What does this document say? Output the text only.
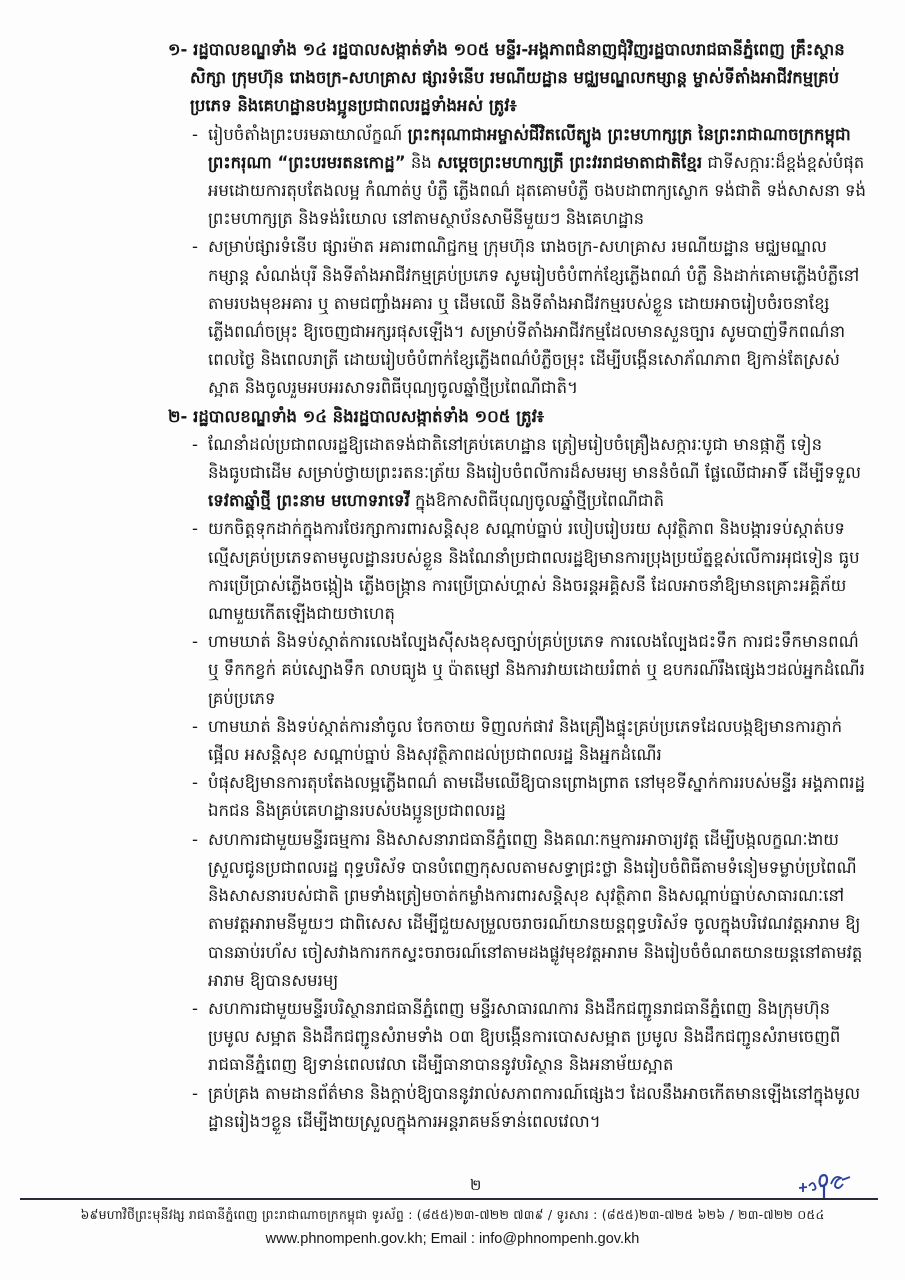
១- រដ្ឋបាលខណ្ឌទាំង ១៤ រដ្ឋបាលសង្កាត់ទាំង ១០៥ មន្ទីរ-អង្គភាពជំនាញជុំវិញរដ្ឋបាលរាជធានីភ្នំពេញ គ្រឹះស្ថានសិក្សា ក្រុមហ៊ុន រោងចក្រ-សហគ្រាស ផ្សារទំនើប រមណីយដ្ឋាន មជ្ឈមណ្ឌលកម្សាន្ត ម្ចាស់ទីតាំងអាជីវកម្មគ្រប់ប្រភេទ និងគេហដ្ឋានបងប្អូនប្រជាពលរដ្ឋទាំងអស់ ត្រូវ៖

- រៀបចំតាំងព្រះបរមឆាយាល័ក្ខណ៍ ព្រះករុណាជាអម្ចាស់ជីវិតលើត្បូង ព្រះមហាក្សត្រ នៃព្រះរាជាណាចក្រកម្ពុជា ព្រះករុណា “ព្រះបរមរតនកោដ្ឋ” និង សម្តេចព្រះមហាក្សត្រី ព្រះវររាជមាតាជាតិខ្មែរ ជាទីសក្ការៈដ៏ខ្ពង់ខ្ពស់បំផុត អមដោយការតុបតែងលម្អ កំណាត់ប្ញ បំភ្លឺ ភ្លើងពណ៌ ដុតគោមបំភ្លឺ ចងបដាពាក្យស្លោក ទង់ជាតិ ទង់សាសនា ទង់ព្រះមហាក្សត្រ និងទង់រំយោល នៅតាមស្ថាប័នសាមីនីមួយៗ និងគេហដ្ឋាន

- សម្រាប់ផ្សារទំនើប ផ្សារម៉ាត អគារពាណិជ្ជកម្ម ក្រុមហ៊ុន រោងចក្រ-សហគ្រាស រមណីយដ្ឋាន មជ្ឈមណ្ឌលកម្សាន្ត សំណង់បុរី និងទីតាំងអាជីវកម្មគ្រប់ប្រភេទ សូមរៀបចំបំពាក់ខ្សែភ្លើងពណ៌ បំភ្លឺ និងដាក់គោមភ្លើងបំភ្លឺនៅតាមរបងមុខអគារ ឬ តាមជញ្ជាំងអគារ ឬ ដើមឈើ និងទីតាំងអាជីវកម្មរបស់ខ្លួន ដោយអាចរៀបចំរចនាខ្សែភ្លើងពណ៌ចម្រុះ ឱ្យចេញជាអក្សរផុសឡើង។ សម្រាប់ទីតាំងអាជីវកម្មដែលមានសួនច្បារ សូមបាញ់ទឹកពណ៌នាពេលថ្ងៃ និងពេលរាត្រី ដោយរៀបចំបំពាក់ខ្សែភ្លើងពណ៌បំភ្លឺចម្រុះ ដើម្បីបង្កើនសោភ័ណភាព ឱ្យកាន់តែស្រស់ស្អាត និងចូលរួមអបអរសាទរពិធីបុណ្យចូលឆ្នាំថ្មីប្រពៃណីជាតិ។

២- រដ្ឋបាលខណ្ឌទាំង ១៤ និងរដ្ឋបាលសង្កាត់ទាំង ១០៥ ត្រូវ៖

- ណែនាំដល់ប្រជាពលរដ្ឋឱ្យដោតទង់ជាតិនៅគ្រប់គេហដ្ឋាន ត្រៀមរៀបចំគ្រឿងសក្ការៈបូជា មានផ្កាភ្ញី ទៀន និងធូបជាដើម សម្រាប់ថ្វាយព្រះរតនៈត្រ័យ និងរៀបចំពលីការដ៏សមរម្យ មាននំចំណី ផ្លែឈើជាអាទិ៍ ដើម្បីទទួល ទេវតាឆ្នាំថ្មី ព្រះនាម មហោទរាទេវី ក្នុងឱកាសពិធីបុណ្យចូលឆ្នាំថ្មីប្រពៃណីជាតិ

- យកចិត្តទុកដាក់ក្នុងការថែរក្សាការពារសន្តិសុខ សណ្តាប់ធ្នាប់ របៀបរៀបរយ សុវត្ថិភាព និងបង្ការទប់ស្កាត់បទល្មើសគ្រប់ប្រភេទតាមមូលដ្ឋានរបស់ខ្លួន និងណែនាំប្រជាពលរដ្ឋឱ្យមានការប្រុងប្រយ័ត្នខ្ពស់លើការអុជទៀន ធូប ការប្រើប្រាស់ភ្លើងចង្កៀង ភ្លើងចង្ក្រាន ការប្រើប្រាស់ហ្គាស់ និងចរន្តអគ្គិសនី ដែលអាចនាំឱ្យមានគ្រោះអគ្គិភ័យណាមួយកើតឡើងជាយថាហេតុ

- ហាមឃាត់ និងទប់ស្កាត់ការលេងល្បែងស៊ីសងខុសច្បាប់គ្រប់ប្រភេទ ការលេងល្បែងជះទឹក ការជះទឹកមានពណ៌ ឬ ទឹកកខ្វក់ គប់ស្បោងទឹក លាបធ្យូង ឬ ប៉ាតម្សៅ និងការវាយដោយរំពាត់ ឬ ឧបករណ៍រឹងផ្សេងៗដល់អ្នកដំណើរគ្រប់ប្រភេទ

- ហាមឃាត់ និងទប់ស្កាត់ការនាំចូល ចែកចាយ ទិញលក់ផាវ និងគ្រឿងផ្ទុះគ្រប់ប្រភេទដែលបង្កឱ្យមានការភ្ញាក់ផ្អើល អសន្តិសុខ សណ្តាប់ធ្នាប់ និងសុវត្ថិភាពដល់ប្រជាពលរដ្ឋ និងអ្នកដំណើរ

- បំផុសឱ្យមានការតុបតែងលម្អភ្លើងពណ៌ តាមដើមឈើឱ្យបានព្រោងព្រាត នៅមុខទីស្នាក់ការរបស់មន្ទីរ អង្គភាពរដ្ឋ ឯកជន និងគ្រប់គេហដ្ឋានរបស់បងប្អូនប្រជាពលរដ្ឋ

- សហការជាមួយមន្ទីរធម្មការ និងសាសនារាជធានីភ្នំពេញ និងគណៈកម្មការអាចារ្យវត្ត ដើម្បីបង្កលក្ខណៈងាយស្រួលជូនប្រជាពលរដ្ឋ ពុទ្ធបរិស័ទ បានបំពេញកុសលតាមសទ្ធាជ្រះថ្លា និងរៀបចំពិធីតាមទំនៀមទម្លាប់ប្រពៃណី និងសាសនារបស់ជាតិ ព្រមទាំងត្រៀមចាត់កម្លាំងការពារសន្តិសុខ សុវត្ថិភាព និងសណ្តាប់ធ្នាប់សាធារណៈនៅតាមវត្តអារាមនីមួយៗ ជាពិសេស ដើម្បីជួយសម្រួលចរាចរណ៍យានយន្តពុទ្ធបរិស័ទ ចូលក្នុងបរិវេណវត្តអារាម ឱ្យបានឆាប់រហ័ស ចៀសវាងការកកស្ទះចរាចរណ៍នៅតាមដងផ្លូវមុខវត្តអារាម និងរៀបចំចំណតយានយន្តនៅតាមវត្តអារាម ឱ្យបានសមរម្យ

- សហការជាមួយមន្ទីរបរិស្ថានរាជធានីភ្នំពេញ មន្ទីរសាធារណការ និងដឹកជញ្ជូនរាជធានីភ្នំពេញ និងក្រុមហ៊ុនប្រមូល សម្អាត និងដឹកជញ្ជូនសំរាមទាំង ០៣ ឱ្យបង្កើនការបោសសម្អាត ប្រមូល និងដឹកជញ្ជូនសំរាមចេញពីរាជធានីភ្នំពេញ ឱ្យទាន់ពេលវេលា ដើម្បីធានាបាននូវបរិស្ថាន និងអនាម័យស្អាត

- គ្រប់គ្រង តាមដានព័ត៌មាន និងក្តាប់ឱ្យបាននូវរាល់សភាពការណ៍ផ្សេងៗ ដែលនឹងអាចកើតមានឡើងនៅក្នុងមូលដ្ឋានរៀងៗខ្លួន ដើម្បីងាយស្រួលក្នុងការអន្តរាគមន៍ទាន់ពេលវេលា។

២
៦៩មហាវិថីព្រះមុនីវង្ស រាជធានីភ្នំពេញ ព្រះរាជាណាចក្រកម្ពុជា ទូរស័ព្ទ : (៨៥៥)២៣-៧២២ ៧៣៩ / ទូរសារ : (៨៥៥)២៣-៧២៥ ៦២៦ / ២៣-៧២២ ០៥៤
www.phnompenh.gov.kh; Email : info@phnompenh.gov.kh
